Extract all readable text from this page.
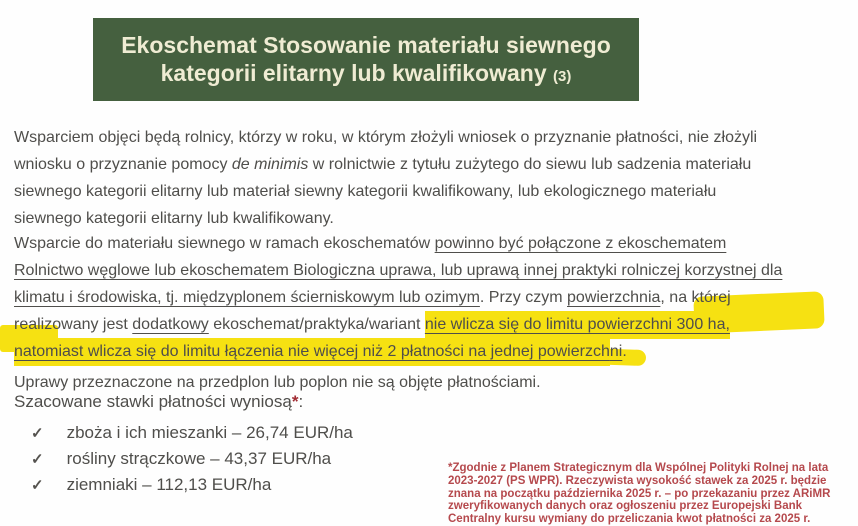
Ekoschemat Stosowanie materiału siewnego
kategorii elitarny lub kwalifikowany (3)
Wsparciem objęci będą rolnicy, którzy w roku, w którym złożyli wniosek o przyznanie płatności, nie złożyli
wniosku o przyznanie pomocy de minimis w rolnictwie z tytułu zużytego do siewu lub sadzenia materiału
siewnego kategorii elitarny lub materiał siewny kategorii kwalifikowany, lub ekologicznego materiału
siewnego kategorii elitarny lub kwalifikowany.
Wsparcie do materiału siewnego w ramach ekoschematów powinno być połączone z ekoschematem
Rolnictwo węglowe lub ekoschematem Biologiczna uprawa, lub uprawą innej praktyki rolniczej korzystnej dla
klimatu i środowiska, tj. międzyplonem ścierniskowym lub ozimym. Przy czym powierzchnia, na której
realizowany jest dodatkowy ekoschemat/praktyka/wariant nie wlicza się do limitu powierzchni 300 ha,
natomiast wlicza się do limitu łączenia nie więcej niż 2 płatności na jednej powierzchni.
Uprawy przeznaczone na przedplon lub poplon nie są objęte płatnościami.
Szacowane stawki płatności wyniosą*:
✓ zboża i ich mieszanki – 26,74 EUR/ha
✓ rośliny strączkowe – 43,37 EUR/ha
✓ ziemniaki – 112,13 EUR/ha
*Zgodnie z Planem Strategicznym dla Wspólnej Polityki Rolnej na lata
2023-2027 (PS WPR). Rzeczywista wysokość stawek za 2025 r. będzie
znana na początku października 2025 r. – po przekazaniu przez ARiMR
zweryfikowanych danych oraz ogłoszeniu przez Europejski Bank
Centralny kursu wymiany do przeliczania kwot płatności za 2025 r.
